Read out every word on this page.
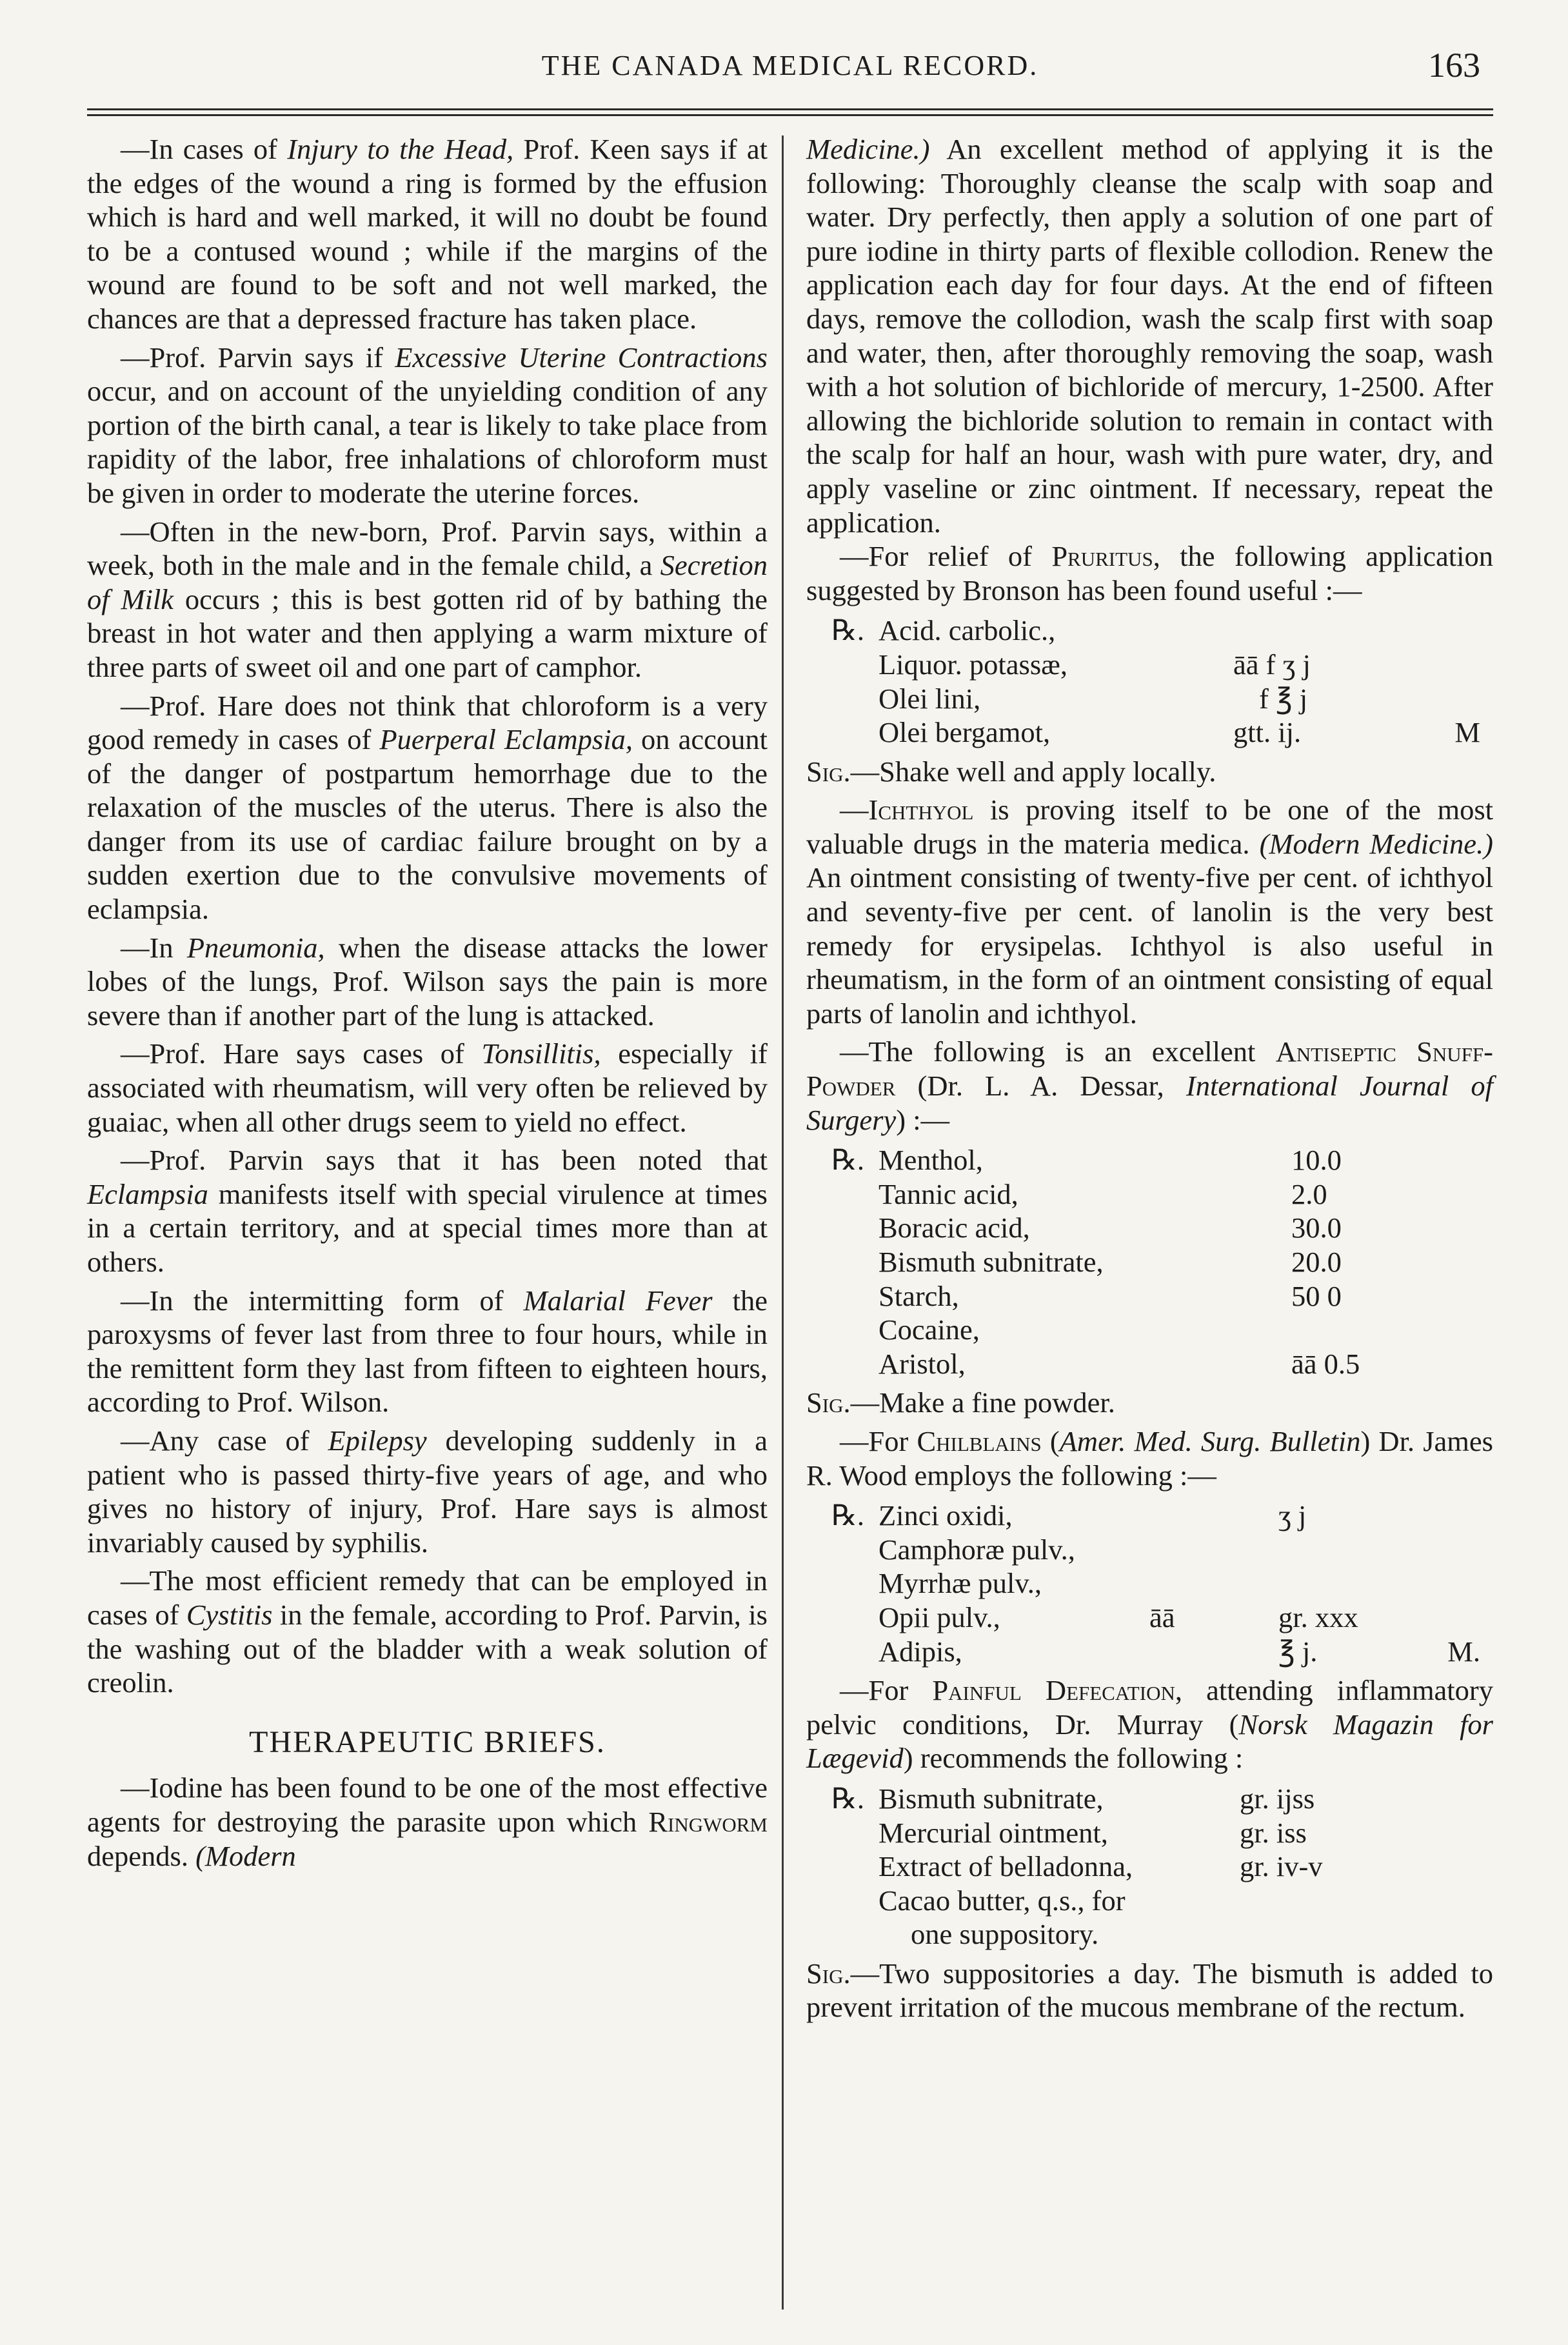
THE CANADA MEDICAL RECORD.	163

—In cases of Injury to the Head, Prof. Keen says if at the edges of the wound a ring is formed by the effusion which is hard and well marked, it will no doubt be found to be a contused wound ; while if the margins of the wound are found to be soft and not well marked, the chances are that a depressed fracture has taken place.

—Prof. Parvin says if Excessive Uterine Contractions occur, and on account of the unyielding condition of any portion of the birth canal, a tear is likely to take place from rapidity of the labor, free inhalations of chloroform must be given in order to moderate the uterine forces.

—Often in the new-born, Prof. Parvin says, within a week, both in the male and in the female child, a Secretion of Milk occurs ; this is best gotten rid of by bathing the breast in hot water and then applying a warm mixture of three parts of sweet oil and one part of camphor.

—Prof. Hare does not think that chloroform is a very good remedy in cases of Puerperal Eclampsia, on account of the danger of postpartum hemorrhage due to the relaxation of the muscles of the uterus. There is also the danger from its use of cardiac failure brought on by a sudden exertion due to the convulsive movements of eclampsia.

—In Pneumonia, when the disease attacks the lower lobes of the lungs, Prof. Wilson says the pain is more severe than if another part of the lung is attacked.

—Prof. Hare says cases of Tonsillitis, especially if associated with rheumatism, will very often be relieved by guaiac, when all other drugs seem to yield no effect.

—Prof. Parvin says that it has been noted that Eclampsia manifests itself with special virulence at times in a certain territory, and at special times more than at others.

—In the intermitting form of Malarial Fever the paroxysms of fever last from three to four hours, while in the remittent form they last from fifteen to eighteen hours, according to Prof. Wilson.

—Any case of Epilepsy developing suddenly in a patient who is passed thirty-five years of age, and who gives no history of injury, Prof. Hare says is almost invariably caused by syphilis.

—The most efficient remedy that can be employed in cases of Cystitis in the female, according to Prof. Parvin, is the washing out of the bladder with a weak solution of creolin.

THERAPEUTIC BRIEFS.

—Iodine has been found to be one of the most effective agents for destroying the parasite upon which Ringworm depends. (Modern

Medicine.) An excellent method of applying it is the following: Thoroughly cleanse the scalp with soap and water. Dry perfectly, then apply a solution of one part of pure iodine in thirty parts of flexible collodion. Renew the application each day for four days. At the end of fifteen days, remove the collodion, wash the scalp first with soap and water, then, after thoroughly removing the soap, wash with a hot solution of bichloride of mercury, 1-2500. After allowing the bichloride solution to remain in contact with the scalp for half an hour, wash with pure water, dry, and apply vaseline or zinc ointment. If necessary, repeat the application.

—For relief of Pruritus, the following application suggested by Bronson has been found useful :—

℞. Acid. carbolic.,
Liquor. potassæ,	āā f ʒ j
Olei lini,	f ℥ j
Olei bergamot,	gtt. ij.	M

Sig.—Shake well and apply locally.

—Ichthyol is proving itself to be one of the most valuable drugs in the materia medica. (Modern Medicine.) An ointment consisting of twenty-five per cent. of ichthyol and seventy-five per cent. of lanolin is the very best remedy for erysipelas. Ichthyol is also useful in rheumatism, in the form of an ointment consisting of equal parts of lanolin and ichthyol.

—The following is an excellent Antiseptic Snuff-Powder (Dr. L. A. Dessar, International Journal of Surgery) :—

℞. Menthol,	10.0
Tannic acid,	2.0
Boracic acid,	30.0
Bismuth subnitrate,	20.0
Starch,	50 0
Cocaine,
Aristol,	āā 0.5

Sig.—Make a fine powder.

—For Chilblains (Amer. Med. Surg. Bulletin) Dr. James R. Wood employs the following :—

℞. Zinci oxidi,	ʒ j
Camphoræ pulv.,
Myrrhæ pulv.,
Opii pulv.,	āā	gr. xxx
Adipis,	℥ j.	M.

—For Painful Defecation, attending inflammatory pelvic conditions, Dr. Murray (Norsk Magazin for Lægevid) recommends the following :

℞. Bismuth subnitrate,	gr. ijss
Mercurial ointment,	gr. iss
Extract of belladonna,	gr. iv-v
Cacao butter, q.s., for
one suppository.

Sig.—Two suppositories a day. The bismuth is added to prevent irritation of the mucous membrane of the rectum.
